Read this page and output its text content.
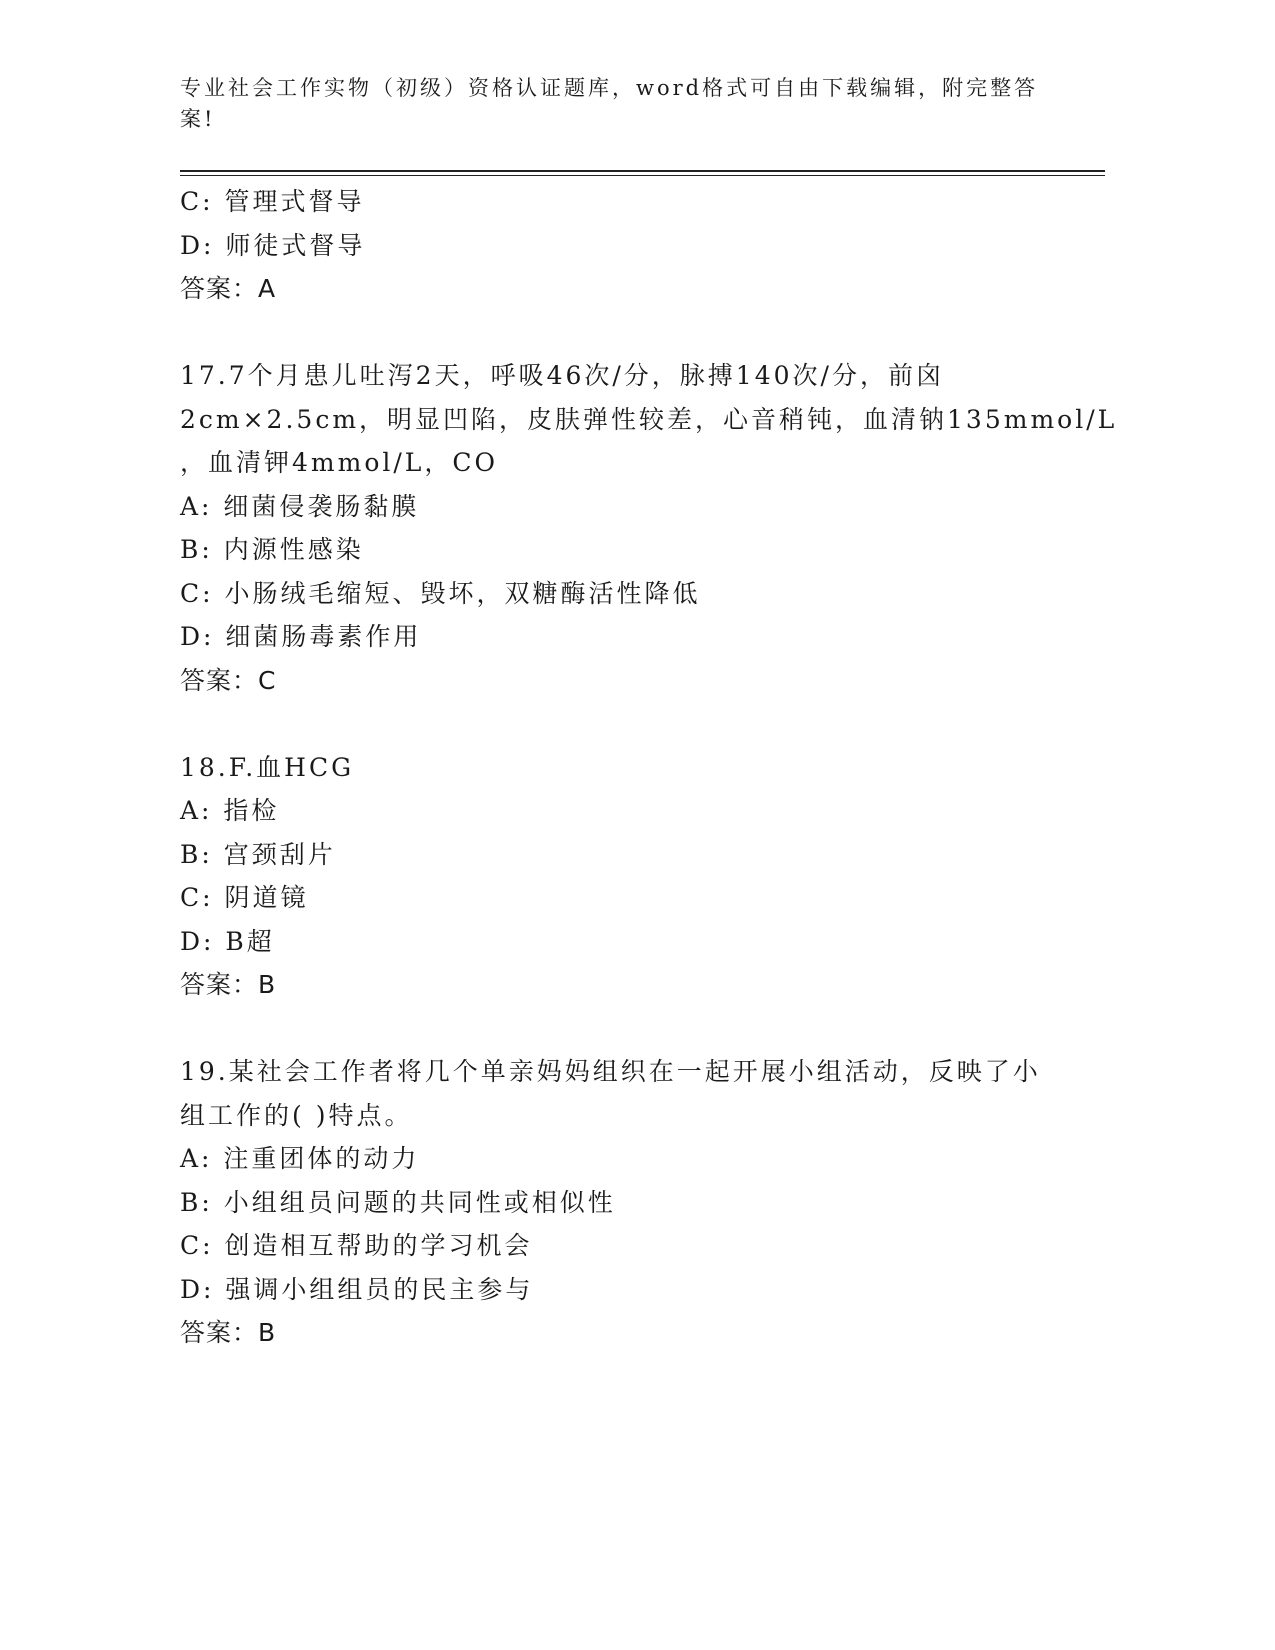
专业社会工作实物（初级）资格认证题库，word格式可自由下载编辑，附完整答
案!
C: 管理式督导
D: 师徒式督导
答案：A
17.7个月患儿吐泻2天，呼吸46次/分，脉搏140次/分，前囟
2cm×2.5cm，明显凹陷，皮肤弹性较差，心音稍钝，血清钠135mmol/L
，血清钾4mmol/L，CO
A: 细菌侵袭肠黏膜
B: 内源性感染
C: 小肠绒毛缩短、毁坏，双糖酶活性降低
D: 细菌肠毒素作用
答案：C
18.F.血HCG
A: 指检
B: 宫颈刮片
C: 阴道镜
D: B超
答案：B
19.某社会工作者将几个单亲妈妈组织在一起开展小组活动，反映了小
组工作的( )特点。
A: 注重团体的动力
B: 小组组员问题的共同性或相似性
C: 创造相互帮助的学习机会
D: 强调小组组员的民主参与
答案：B
